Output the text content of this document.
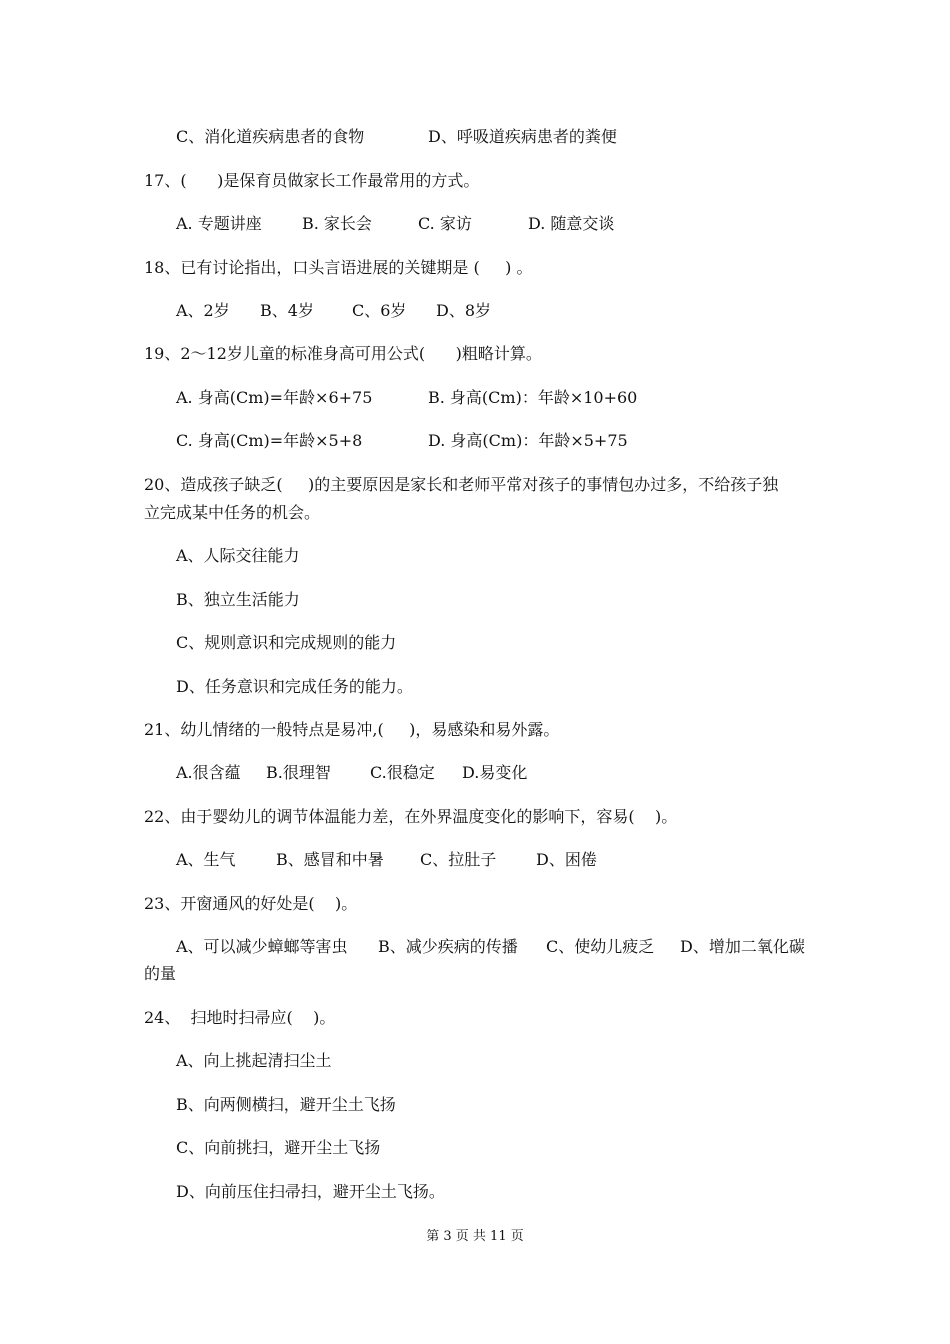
C、消化道疾病患者的食物	D、呼吸道疾病患者的粪便
17、(      )是保育员做家长工作最常用的方式。
A. 专题讲座	B. 家长会	C. 家访	D. 随意交谈
18、已有讨论指出，口头言语进展的关键期是 (     ) 。
A、2岁 B、4岁 C、6岁 D、8岁
19、2～12岁儿童的标准身高可用公式(      )粗略计算。
A. 身高(Cm)=年龄×6+75	B. 身高(Cm)：年龄×10+60
C. 身高(Cm)=年龄×5+8	D. 身高(Cm)：年龄×5+75
20、造成孩子缺乏(     )的主要原因是家长和老师平常对孩子的事情包办过多，不给孩子独
立完成某中任务的机会。
A、人际交往能力
B、独立生活能力
C、规则意识和完成规则的能力
D、任务意识和完成任务的能力。
21、幼儿情绪的一般特点是易冲,(     )，易感染和易外露。
A.很含蕴 B.很理智 C.很稳定 D.易变化
22、由于婴幼儿的调节体温能力差，在外界温度变化的影响下，容易(    )。
A、生气	B、感冒和中暑 C、拉肚子 D、困倦
23、开窗通风的好处是(    )。
A、可以减少蟑螂等害虫 B、减少疾病的传播 C、使幼儿疲乏 D、增加二氧化碳
的量
24、  扫地时扫帚应(    )。
A、向上挑起清扫尘土
B、向两侧横扫，避开尘土飞扬
C、向前挑扫，避开尘土飞扬
D、向前压住扫帚扫，避开尘土飞扬。
第 3 页 共 11 页
